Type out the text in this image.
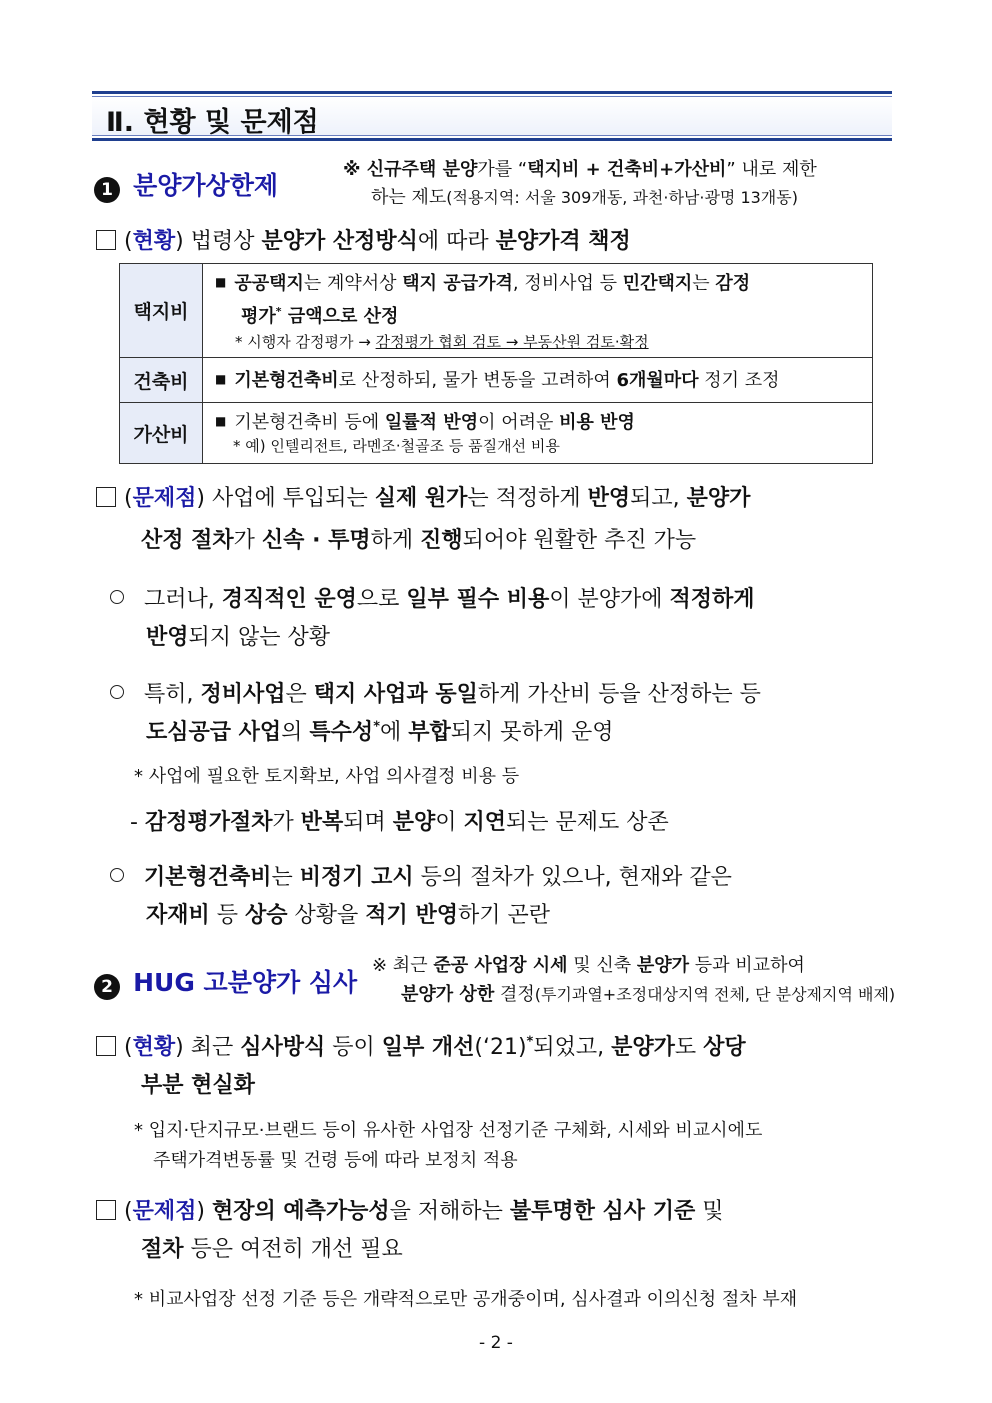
Ⅱ. 현황 및 문제점
1 분양가상한제
※ 신규주택 분양가를 “택지비 + 건축비+가산비” 내로 제한
하는 제도(적용지역: 서울 309개동, 과천·하남·광명 13개동)
(현황) 법령상 분양가 산정방식에 따라 분양가격 책정
택지비	■ 공공택지는 계약서상 택지 공급가격, 정비사업 등 민간택지는 감정
평가* 금액으로 산정
* 시행자 감정평가 → 감정평가 협회 검토 → 부동산원 검토·확정

건축비	■ 기본형건축비로 산정하되, 물가 변동을 고려하여 6개월마다 정기 조정
가산비	■ 기본형건축비 등에 일률적 반영이 어려운 비용 반영
* 예) 인텔리전트, 라멘조·철골조 등 품질개선 비용
(문제점) 사업에 투입되는 실제 원가는 적정하게 반영되고, 분양가
산정 절차가 신속 · 투명하게 진행되어야 원활한 추진 가능
그러나, 경직적인 운영으로 일부 필수 비용이 분양가에 적정하게
반영되지 않는 상황
특히, 정비사업은 택지 사업과 동일하게 가산비 등을 산정하는 등
도심공급 사업의 특수성*에 부합되지 못하게 운영
* 사업에 필요한 토지확보, 사업 의사결정 비용 등
- 감정평가절차가 반복되며 분양이 지연되는 문제도 상존
기본형건축비는 비정기 고시 등의 절차가 있으나, 현재와 같은
자재비 등 상승 상황을 적기 반영하기 곤란
2 HUG 고분양가 심사
※ 최근 준공 사업장 시세 및 신축 분양가 등과 비교하여
분양가 상한 결정(투기과열+조정대상지역 전체, 단 분상제지역 배제)
(현황) 최근 심사방식 등이 일부 개선(‘21)*되었고, 분양가도 상당
부분 현실화
* 입지·단지규모·브랜드 등이 유사한 사업장 선정기준 구체화, 시세와 비교시에도
주택가격변동률 및 건령 등에 따라 보정치 적용
(문제점) 현장의 예측가능성을 저해하는 불투명한 심사 기준 및
절차 등은 여전히 개선 필요
* 비교사업장 선정 기준 등은 개략적으로만 공개중이며, 심사결과 이의신청 절차 부재
- 2 -
